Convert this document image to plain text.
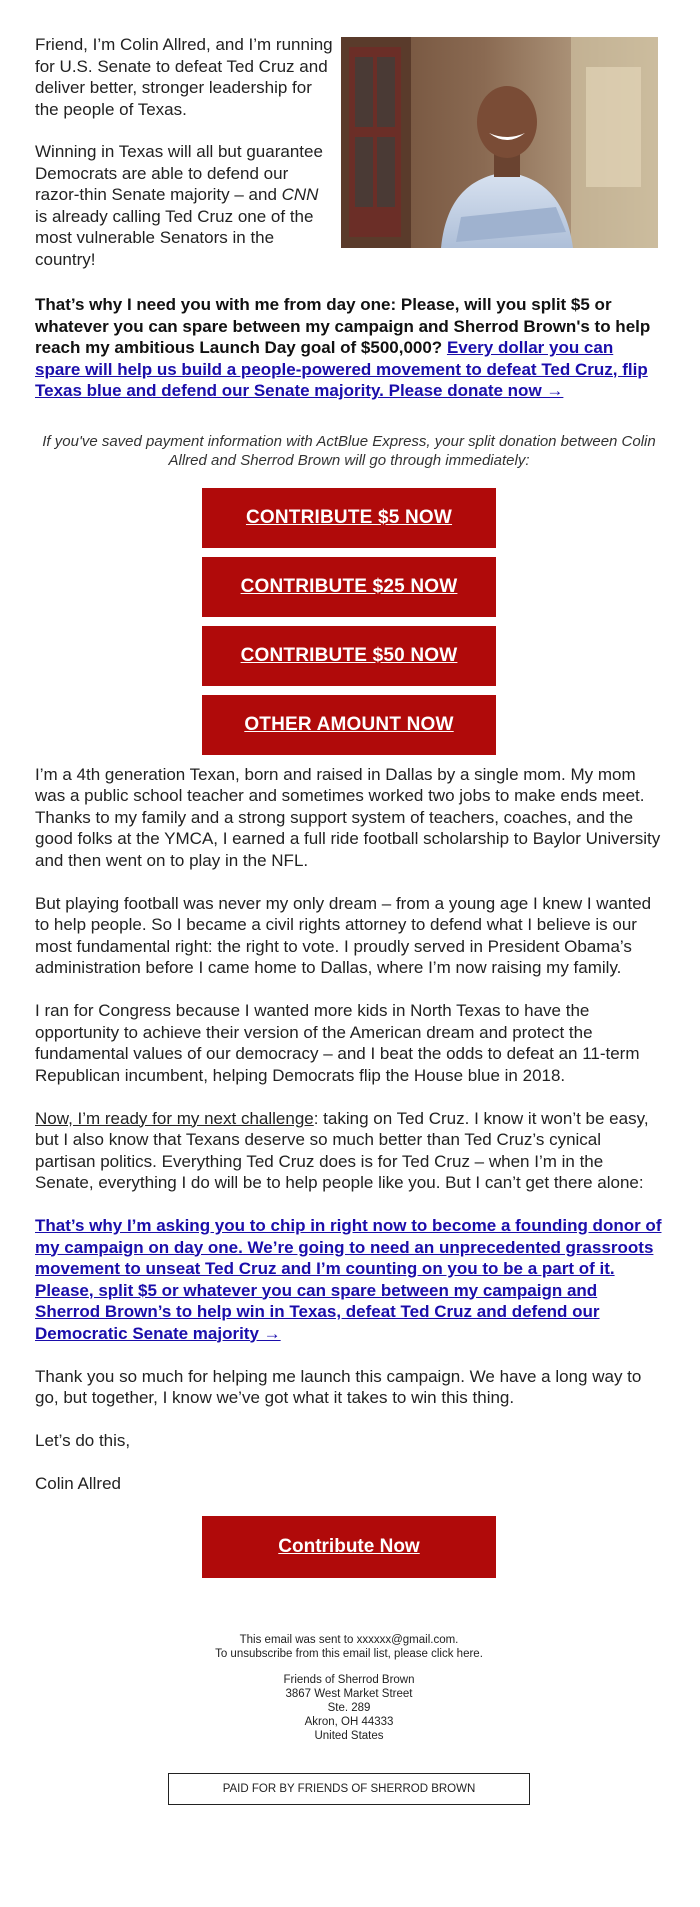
Friend, I’m Colin Allred, and I’m running for U.S. Senate to defeat Ted Cruz and deliver better, stronger leadership for the people of Texas.

Winning in Texas will all but guarantee Democrats are able to defend our razor-thin Senate majority – and CNN is already calling Ted Cruz one of the most vulnerable Senators in the country!

That’s why I need you with me from day one: Please, will you split $5 or whatever you can spare between my campaign and Sherrod Brown's to help reach my ambitious Launch Day goal of $500,000? Every dollar you can spare will help us build a people-powered movement to defeat Ted Cruz, flip Texas blue and defend our Senate majority. Please donate now →

If you've saved payment information with ActBlue Express, your split donation between Colin Allred and Sherrod Brown will go through immediately:

CONTRIBUTE $5 NOW
CONTRIBUTE $25 NOW
CONTRIBUTE $50 NOW
OTHER AMOUNT NOW

I’m a 4th generation Texan, born and raised in Dallas by a single mom. My mom was a public school teacher and sometimes worked two jobs to make ends meet. Thanks to my family and a strong support system of teachers, coaches, and the good folks at the YMCA, I earned a full ride football scholarship to Baylor University and then went on to play in the NFL.

But playing football was never my only dream – from a young age I knew I wanted to help people. So I became a civil rights attorney to defend what I believe is our most fundamental right: the right to vote. I proudly served in President Obama’s administration before I came home to Dallas, where I’m now raising my family.

I ran for Congress because I wanted more kids in North Texas to have the opportunity to achieve their version of the American dream and protect the fundamental values of our democracy – and I beat the odds to defeat an 11-term Republican incumbent, helping Democrats flip the House blue in 2018.

Now, I’m ready for my next challenge: taking on Ted Cruz. I know it won’t be easy, but I also know that Texans deserve so much better than Ted Cruz’s cynical partisan politics. Everything Ted Cruz does is for Ted Cruz – when I’m in the Senate, everything I do will be to help people like you. But I can’t get there alone:

That’s why I’m asking you to chip in right now to become a founding donor of my campaign on day one. We’re going to need an unprecedented grassroots movement to unseat Ted Cruz and I’m counting on you to be a part of it. Please, split $5 or whatever you can spare between my campaign and Sherrod Brown’s to help win in Texas, defeat Ted Cruz and defend our Democratic Senate majority →

Thank you so much for helping me launch this campaign. We have a long way to go, but together, I know we’ve got what it takes to win this thing.

Let’s do this,

Colin Allred

Contribute Now

This email was sent to xxxxxx@gmail.com.

To unsubscribe from this email list, please click here.

Friends of Sherrod Brown

3867 West Market Street

Ste. 289

Akron, OH 44333

United States

PAID FOR BY FRIENDS OF SHERROD BROWN
